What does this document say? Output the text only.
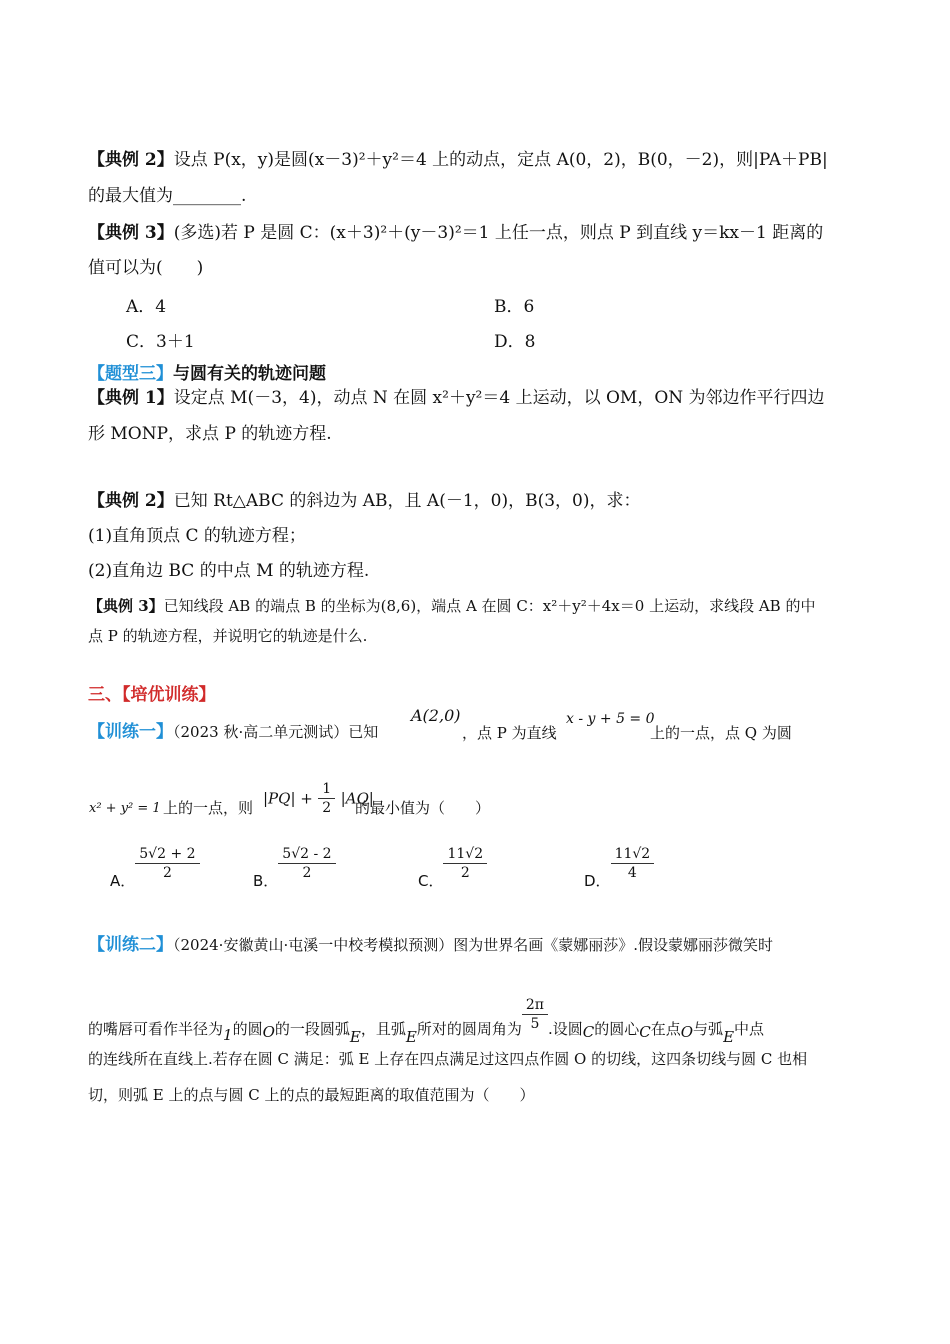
【典例 2】设点 P(x，y)是圆(x－3)²＋y²＝4 上的动点，定点 A(0，2)，B(0，－2)，则|PA＋PB|
的最大值为________.
【典例 3】(多选)若 P 是圆 C：(x＋3)²＋(y－3)²＝1 上任一点，则点 P 到直线 y＝kx－1 距离的
值可以为(　　)
A．4	B．6
C．3＋1	D．8
【题型三】与圆有关的轨迹问题
【典例 1】设定点 M(－3，4)，动点 N 在圆 x²＋y²＝4 上运动，以 OM，ON 为邻边作平行四边
形 MONP，求点 P 的轨迹方程.
【典例 2】已知 Rt△ABC 的斜边为 AB，且 A(－1，0)，B(3，0)，求：
(1)直角顶点 C 的轨迹方程；
(2)直角边 BC 的中点 M 的轨迹方程.
【典例 3】已知线段 AB 的端点 B 的坐标为(8,6)，端点 A 在圆 C：x²＋y²＋4x＝0 上运动，求线段 AB 的中
点 P 的轨迹方程，并说明它的轨迹是什么.
三、【培优训练】
【训练一】（2023 秋·高二单元测试）已知
A(2,0)
，点 P 为直线
x - y + 5 = 0
上的一点，点 Q 为圆
x² + y² = 1 上的一点，则
$|PQ| + \frac{1}{2} |AQ|$
的最小值为（　　）
A． $\frac{5√2 + 2}{2}$	B． $\frac{5√2 - 2}{2}$	C． $\frac{11√2}{2}$	D． $\frac{11√2}{4}$
【训练二】（2024·安徽黄山·屯溪一中校考模拟预测）图为世界名画《蒙娜丽莎》.假设蒙娜丽莎微笑时
的嘴唇可看作半径为1的圆O的一段圆弧E，且弧E所对的圆周角为 $\frac{2\pi}{5}$ .设圆C的圆心C在点O与弧E中点
的连线所在直线上.若存在圆 C 满足：弧 E 上存在四点满足过这四点作圆 O 的切线，这四条切线与圆 C 也相
切，则弧 E 上的点与圆 C 上的点的最短距离的取值范围为（　　）
